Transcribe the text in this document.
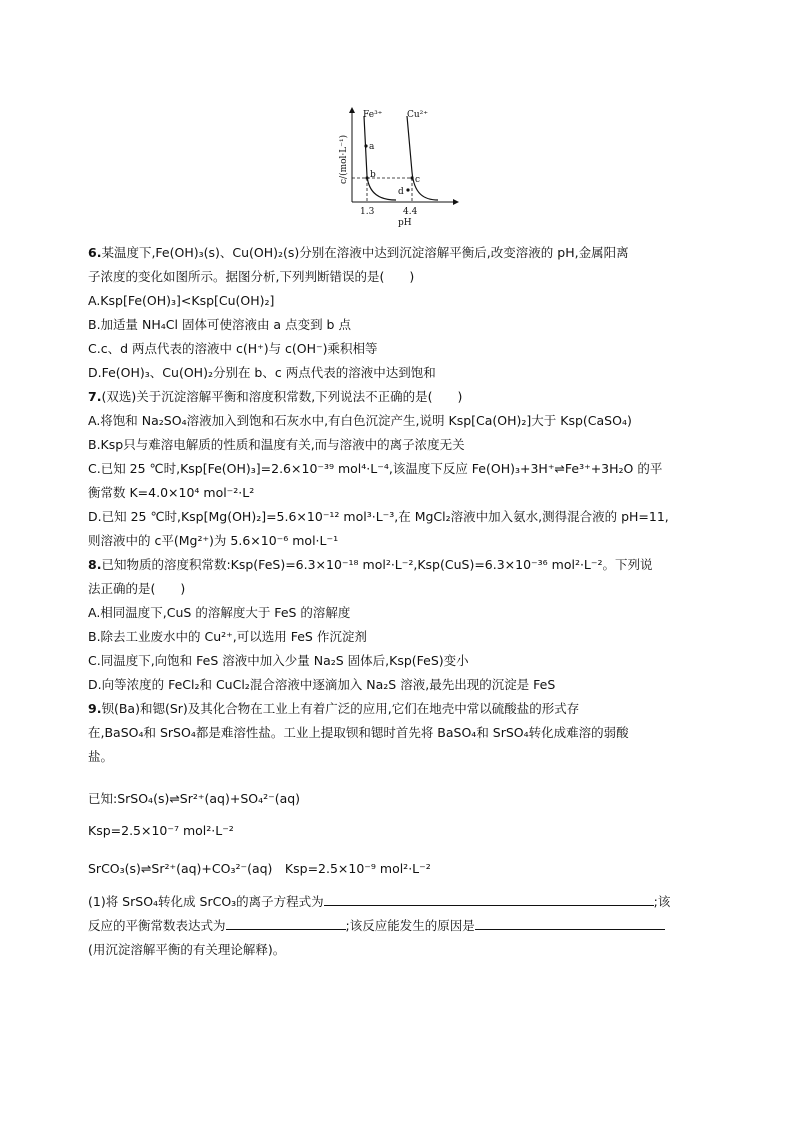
Fe³⁺	Cu²⁺
a
b	c
d
1.3	4.4
pH
c/(mol·L⁻¹)
6.某温度下,Fe(OH)₃(s)、Cu(OH)₂(s)分别在溶液中达到沉淀溶解平衡后,改变溶液的 pH,金属阳离
子浓度的变化如图所示。据图分析,下列判断错误的是(　　)
A.Ksp[Fe(OH)₃]<Ksp[Cu(OH)₂]
B.加适量 NH₄Cl 固体可使溶液由 a 点变到 b 点
C.c、d 两点代表的溶液中 c(H⁺)与 c(OH⁻)乘积相等
D.Fe(OH)₃、Cu(OH)₂分别在 b、c 两点代表的溶液中达到饱和
7.(双选)关于沉淀溶解平衡和溶度积常数,下列说法不正确的是(　　)
A.将饱和 Na₂SO₄溶液加入到饱和石灰水中,有白色沉淀产生,说明 Ksp[Ca(OH)₂]大于 Ksp(CaSO₄)
B.Ksp只与难溶电解质的性质和温度有关,而与溶液中的离子浓度无关
C.已知 25 ℃时,Ksp[Fe(OH)₃]=2.6×10⁻³⁹ mol⁴·L⁻⁴,该温度下反应 Fe(OH)₃+3H⁺⇌Fe³⁺+3H₂O 的平
衡常数 K=4.0×10⁴ mol⁻²·L²
D.已知 25 ℃时,Ksp[Mg(OH)₂]=5.6×10⁻¹² mol³·L⁻³,在 MgCl₂溶液中加入氨水,测得混合液的 pH=11,
则溶液中的 c平(Mg²⁺)为 5.6×10⁻⁶ mol·L⁻¹
8.已知物质的溶度积常数:Ksp(FeS)=6.3×10⁻¹⁸ mol²·L⁻²,Ksp(CuS)=6.3×10⁻³⁶ mol²·L⁻²。下列说
法正确的是(　　)
A.相同温度下,CuS 的溶解度大于 FeS 的溶解度
B.除去工业废水中的 Cu²⁺,可以选用 FeS 作沉淀剂
C.同温度下,向饱和 FeS 溶液中加入少量 Na₂S 固体后,Ksp(FeS)变小
D.向等浓度的 FeCl₂和 CuCl₂混合溶液中逐滴加入 Na₂S 溶液,最先出现的沉淀是 FeS
9.钡(Ba)和锶(Sr)及其化合物在工业上有着广泛的应用,它们在地壳中常以硫酸盐的形式存
在,BaSO₄和 SrSO₄都是难溶性盐。工业上提取钡和锶时首先将 BaSO₄和 SrSO₄转化成难溶的弱酸
盐。
已知:SrSO₄(s)⇌Sr²⁺(aq)+SO₄²⁻(aq)
Ksp=2.5×10⁻⁷ mol²·L⁻²
SrCO₃(s)⇌Sr²⁺(aq)+CO₃²⁻(aq)　Ksp=2.5×10⁻⁹ mol²·L⁻²
(1)将 SrSO₄转化成 SrCO₃的离子方程式为	;该
反应的平衡常数表达式为	;该反应能发生的原因是
(用沉淀溶解平衡的有关理论解释)。
